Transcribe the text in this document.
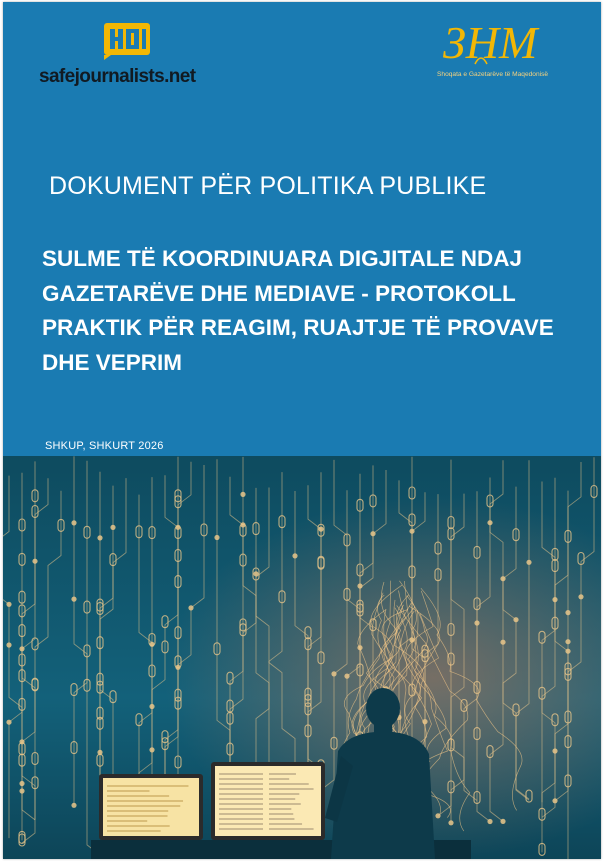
safejournalists.net
ЗНМ
Shoqata e Gazetarëve të Maqedonisë
DOKUMENT PËR POLITIKA PUBLIKE
SULME TË KOORDINUARA DIGJITALE NDAJ GAZETARËVE DHE MEDIAVE - PROTOKOLL PRAKTIK PËR REAGIM, RUAJTJE TË PROVAVE DHE VEPRIM
SHKUP, SHKURT 2026
